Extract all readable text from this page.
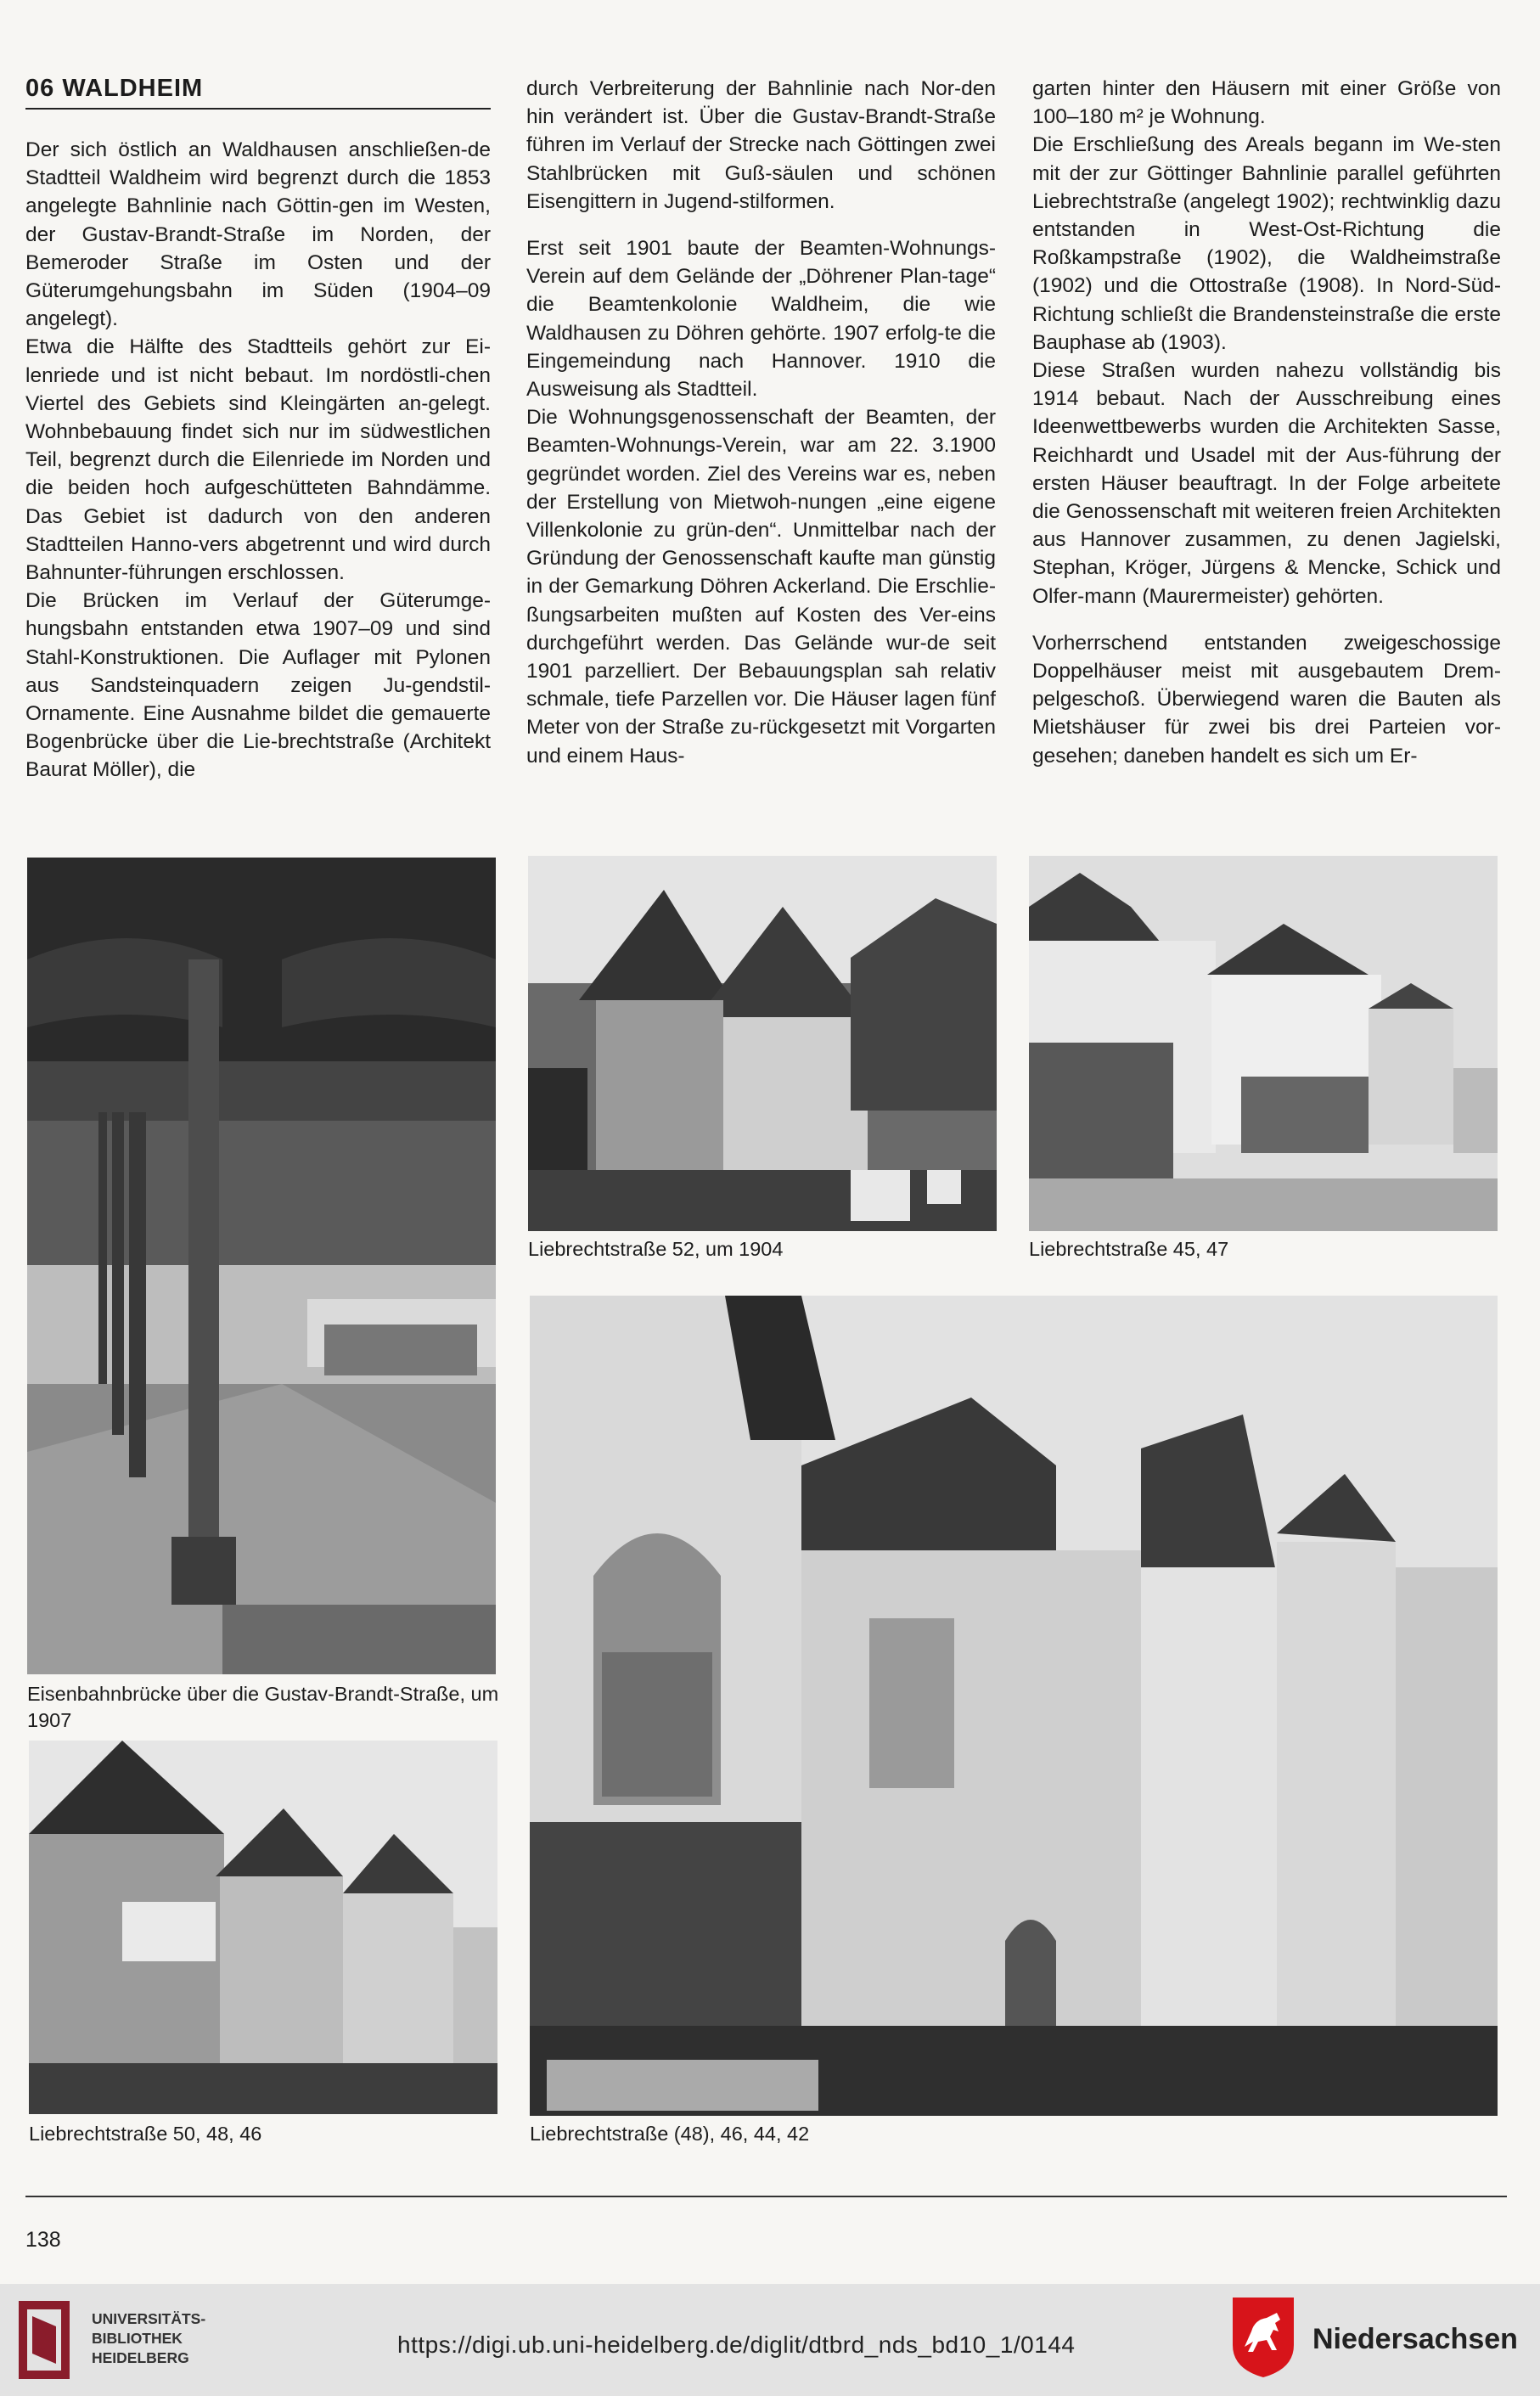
06 WALDHEIM

Der sich östlich an Waldhausen anschließen-de Stadtteil Waldheim wird begrenzt durch die 1853 angelegte Bahnlinie nach Göttin-gen im Westen, der Gustav-Brandt-Straße im Norden, der Bemeroder Straße im Osten und der Güterumgehungsbahn im Süden (1904–09 angelegt).

Etwa die Hälfte des Stadtteils gehört zur Ei-lenriede und ist nicht bebaut. Im nordöstli-chen Viertel des Gebiets sind Kleingärten an-gelegt. Wohnbebauung findet sich nur im südwestlichen Teil, begrenzt durch die Eilenriede im Norden und die beiden hoch aufgeschütteten Bahndämme. Das Gebiet ist dadurch von den anderen Stadtteilen Hanno-vers abgetrennt und wird durch Bahnunter-führungen erschlossen.

Die Brücken im Verlauf der Güterumge-hungsbahn entstanden etwa 1907–09 und sind Stahl-Konstruktionen. Die Auflager mit Pylonen aus Sandsteinquadern zeigen Ju-gendstil-Ornamente. Eine Ausnahme bildet die gemauerte Bogenbrücke über die Lie-brechtstraße (Architekt Baurat Möller), die

durch Verbreiterung der Bahnlinie nach Nor-den hin verändert ist. Über die Gustav-Brandt-Straße führen im Verlauf der Strecke nach Göttingen zwei Stahlbrücken mit Guß-säulen und schönen Eisengittern in Jugend-stilformen.

Erst seit 1901 baute der Beamten-Wohnungs-Verein auf dem Gelände der „Döhrener Plan-tage“ die Beamtenkolonie Waldheim, die wie Waldhausen zu Döhren gehörte. 1907 erfolg-te die Eingemeindung nach Hannover. 1910 die Ausweisung als Stadtteil.

Die Wohnungsgenossenschaft der Beamten, der Beamten-Wohnungs-Verein, war am 22. 3.1900 gegründet worden. Ziel des Vereins war es, neben der Erstellung von Mietwoh-nungen „eine eigene Villenkolonie zu grün-den“. Unmittelbar nach der Gründung der Genossenschaft kaufte man günstig in der Gemarkung Döhren Ackerland. Die Erschlie-ßungsarbeiten mußten auf Kosten des Ver-eins durchgeführt werden. Das Gelände wur-de seit 1901 parzelliert. Der Bebauungsplan sah relativ schmale, tiefe Parzellen vor. Die Häuser lagen fünf Meter von der Straße zu-rückgesetzt mit Vorgarten und einem Haus-

garten hinter den Häusern mit einer Größe von 100–180 m² je Wohnung.

Die Erschließung des Areals begann im We-sten mit der zur Göttinger Bahnlinie parallel geführten Liebrechtstraße (angelegt 1902); rechtwinklig dazu entstanden in West-Ost-Richtung die Roßkampstraße (1902), die Waldheimstraße (1902) und die Ottostraße (1908). In Nord-Süd-Richtung schließt die Brandensteinstraße die erste Bauphase ab (1903).

Diese Straßen wurden nahezu vollständig bis 1914 bebaut. Nach der Ausschreibung eines Ideenwettbewerbs wurden die Architekten Sasse, Reichhardt und Usadel mit der Aus-führung der ersten Häuser beauftragt. In der Folge arbeitete die Genossenschaft mit weiteren freien Architekten aus Hannover zusammen, zu denen Jagielski, Stephan, Kröger, Jürgens & Mencke, Schick und Olfer-mann (Maurermeister) gehörten.

Vorherrschend entstanden zweigeschossige Doppelhäuser meist mit ausgebautem Drem-pelgeschoß. Überwiegend waren die Bauten als Mietshäuser für zwei bis drei Parteien vor-gesehen; daneben handelt es sich um Er-

Eisenbahnbrücke über die Gustav-Brandt-Straße, um 1907
Liebrechtstraße 52, um 1904	Liebrechtstraße 45, 47
Liebrechtstraße 50, 48, 46	Liebrechtstraße (48), 46, 44, 42
138
UNIVERSITÄTS-
BIBLIOTHEK
HEIDELBERG	https://digi.ub.uni-heidelberg.de/diglit/dtbrd_nds_bd10_1/0144	Niedersachsen
